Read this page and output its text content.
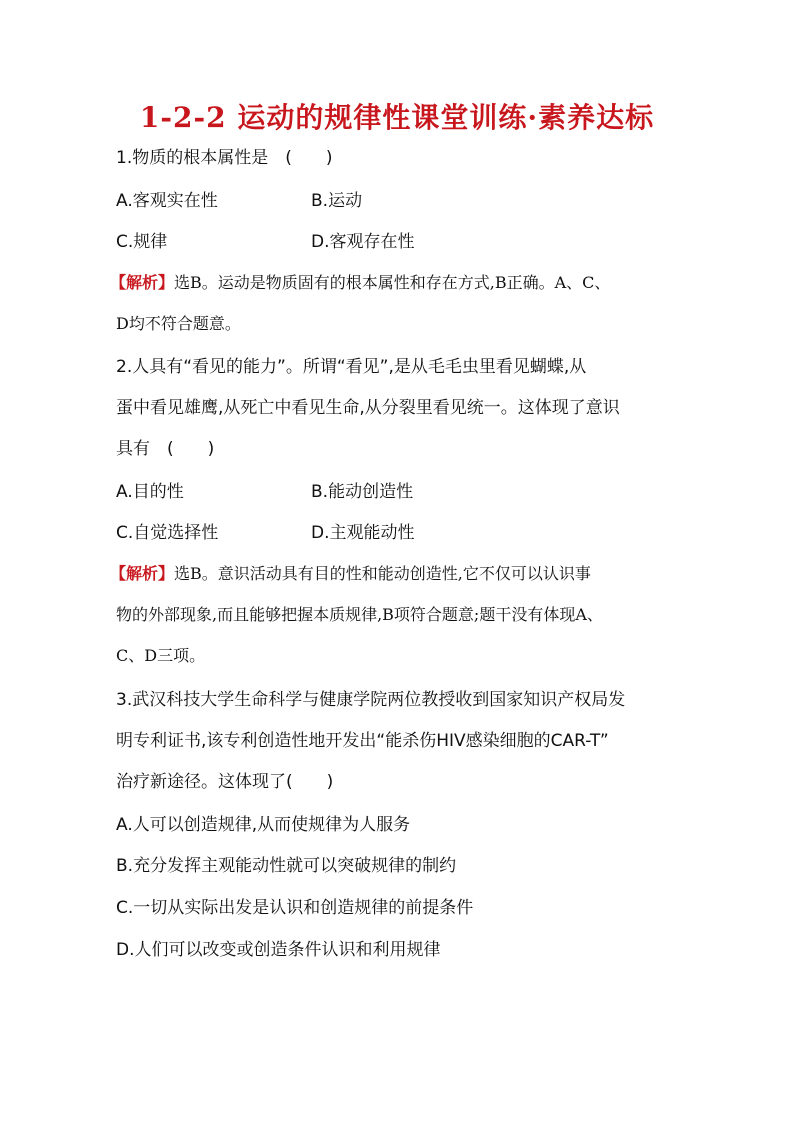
1-2-2 运动的规律性课堂训练·素养达标
1.物质的根本属性是　(　　)
A.客观实在性	B.运动
C.规律	D.客观存在性
【解析】选B。运动是物质固有的根本属性和存在方式,B正确。A、C、
D均不符合题意。
2.人具有“看见的能力”。所谓“看见”,是从毛毛虫里看见蝴蝶,从
蛋中看见雄鹰,从死亡中看见生命,从分裂里看见统一。这体现了意识
具有　(　　)
A.目的性	B.能动创造性
C.自觉选择性	D.主观能动性
【解析】选B。意识活动具有目的性和能动创造性,它不仅可以认识事
物的外部现象,而且能够把握本质规律,B项符合题意;题干没有体现A、
C、D三项。
3.武汉科技大学生命科学与健康学院两位教授收到国家知识产权局发
明专利证书,该专利创造性地开发出“能杀伤HIV感染细胞的CAR-T”
治疗新途径。这体现了(　　)
A.人可以创造规律,从而使规律为人服务
B.充分发挥主观能动性就可以突破规律的制约
C.一切从实际出发是认识和创造规律的前提条件
D.人们可以改变或创造条件认识和利用规律
